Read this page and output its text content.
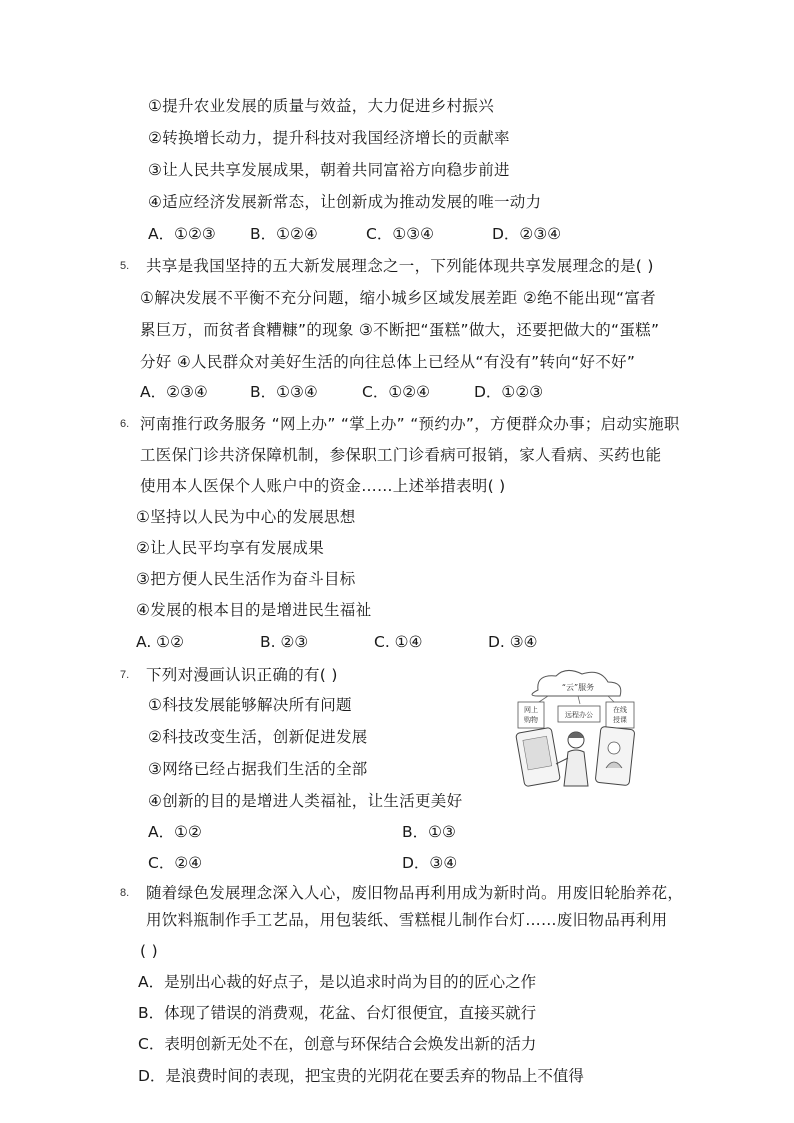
①提升农业发展的质量与效益，大力促进乡村振兴
②转换增长动力，提升科技对我国经济增长的贡献率
③让人民共享发展成果，朝着共同富裕方向稳步前进
④适应经济发展新常态，让创新成为推动发展的唯一动力
A．①②③ B．①②④	C．①③④	D．②③④
5. 共享是我国坚持的五大新发展理念之一，下列能体现共享发展理念的是( )
①解决发展不平衡不充分问题，缩小城乡区域发展差距 ②绝不能出现“富者
累巨万，而贫者食糟糠”的现象 ③不断把“蛋糕”做大，还要把做大的“蛋糕”
分好 ④人民群众对美好生活的向往总体上已经从“有没有”转向“好不好”
A．②③④	B．①③④	C．①②④	D．①②③
6. 河南推行政务服务 “网上办” “掌上办” “预约办”，方便群众办事；启动实施职
工医保门诊共济保障机制，参保职工门诊看病可报销，家人看病、买药也能
使用本人医保个人账户中的资金……上述举措表明( )
①坚持以人民为中心的发展思想
②让人民平均享有发展成果
③把方便人民生活作为奋斗目标
④发展的根本目的是增进民生福祉
A. ①②	B. ②③	C. ①④	D. ③④
7. 下列对漫画认识正确的有( )
①科技发展能够解决所有问题
②科技改变生活，创新促进发展
③网络已经占据我们生活的全部
④创新的目的是增进人类福祉，让生活更美好
A．①②	B．①③
C．②④	D．③④
“云”服务
网上
购物
远程办公
在线
授课
8. 随着绿色发展理念深入人心，废旧物品再利用成为新时尚。用废旧轮胎养花，
用饮料瓶制作手工艺品，用包装纸、雪糕棍儿制作台灯……废旧物品再利用
( )
A．是别出心裁的好点子，是以追求时尚为目的的匠心之作
B．体现了错误的消费观，花盆、台灯很便宜，直接买就行
C．表明创新无处不在，创意与环保结合会焕发出新的活力
D．是浪费时间的表现，把宝贵的光阴花在要丢弃的物品上不值得
